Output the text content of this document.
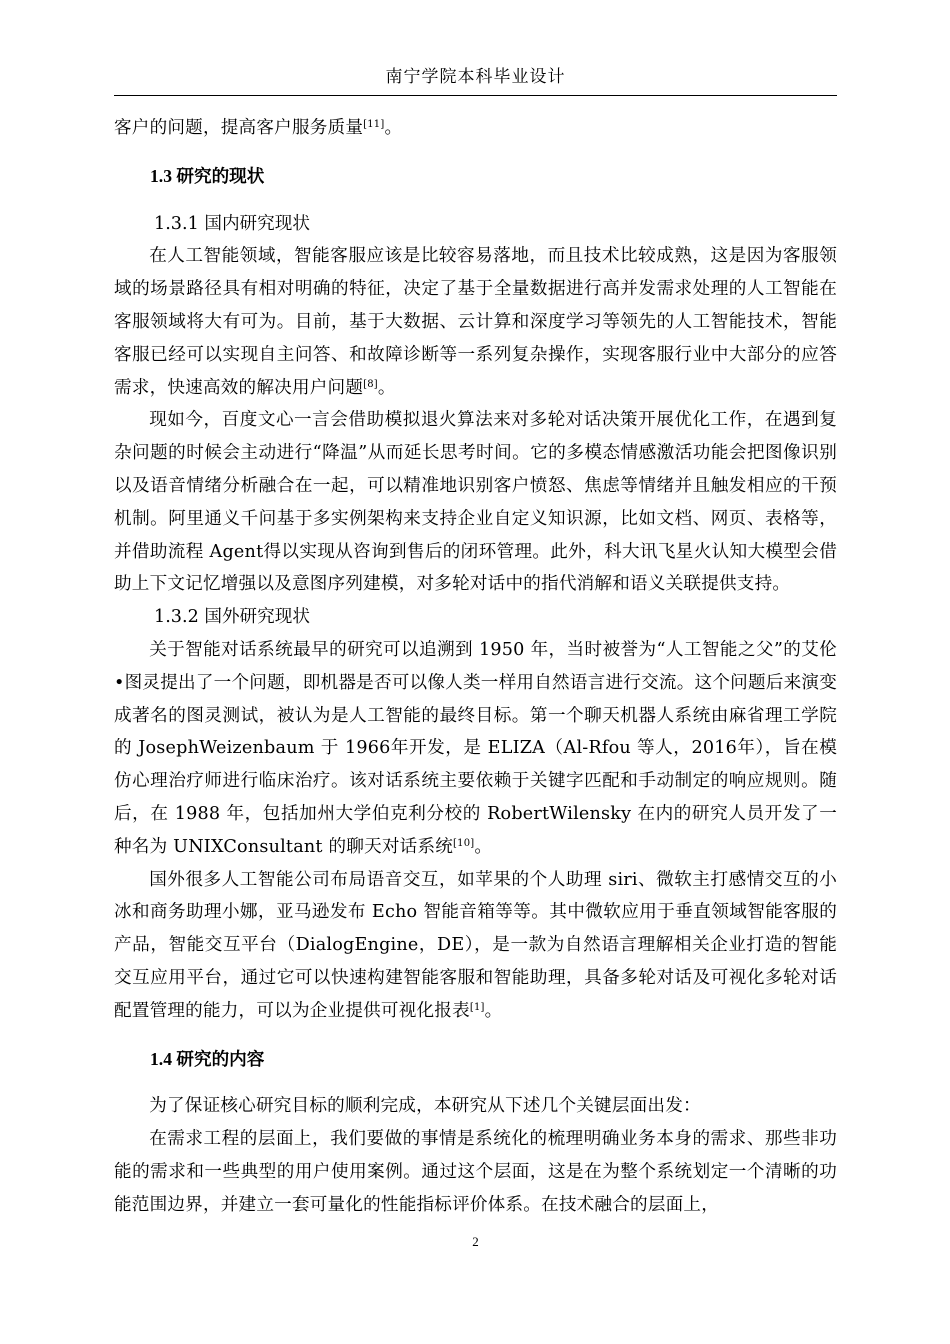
南宁学院本科毕业设计

客户的问题，提高客户服务质量[11]。

1.3 研究的现状
1.3.1 国内研究现状

在人工智能领域，智能客服应该是比较容易落地，而且技术比较成熟，这是因为客服领域的场景路径具有相对明确的特征，决定了基于全量数据进行高并发需求处理的人工智能在客服领域将大有可为。目前，基于大数据、云计算和深度学习等领先的人工智能技术，智能客服已经可以实现自主问答、和故障诊断等一系列复杂操作，实现客服行业中大部分的应答需求，快速高效的解决用户问题[8]。

现如今，百度文心一言会借助模拟退火算法来对多轮对话决策开展优化工作，在遇到复杂问题的时候会主动进行“降温”从而延长思考时间。它的多模态情感激活功能会把图像识别以及语音情绪分析融合在一起，可以精准地识别客户愤怒、焦虑等情绪并且触发相应的干预机制。阿里通义千问基于多实例架构来支持企业自定义知识源，比如文档、网页、表格等，并借助流程 Agent得以实现从咨询到售后的闭环管理。此外，科大讯飞星火认知大模型会借助上下文记忆增强以及意图序列建模，对多轮对话中的指代消解和语义关联提供支持。

1.3.2 国外研究现状

关于智能对话系统最早的研究可以追溯到 1950 年，当时被誉为“人工智能之父”的艾伦 •图灵提出了一个问题，即机器是否可以像人类一样用自然语言进行交流。这个问题后来演变成著名的图灵测试，被认为是人工智能的最终目标。第一个聊天机器人系统由麻省理工学院的 JosephWeizenbaum 于 1966年开发，是 ELIZA（Al-Rfou 等人，2016年），旨在模仿心理治疗师进行临床治疗。该对话系统主要依赖于关键字匹配和手动制定的响应规则。随后，在 1988 年，包括加州大学伯克利分校的 RobertWilensky 在内的研究人员开发了一种名为 UNIXConsultant 的聊天对话系统[10]。

国外很多人工智能公司布局语音交互，如苹果的个人助理 siri、微软主打感情交互的小冰和商务助理小娜，亚马逊发布 Echo 智能音箱等等。其中微软应用于垂直领域智能客服的产品，智能交互平台（DialogEngine，DE），是一款为自然语言理解相关企业打造的智能交互应用平台，通过它可以快速构建智能客服和智能助理，具备多轮对话及可视化多轮对话配置管理的能力，可以为企业提供可视化报表[1]。

1.4 研究的内容

为了保证核心研究目标的顺利完成，本研究从下述几个关键层面出发：

在需求工程的层面上，我们要做的事情是系统化的梳理明确业务本身的需求、那些非功能的需求和一些典型的用户使用案例。通过这个层面，这是在为整个系统划定一个清晰的功能范围边界，并建立一套可量化的性能指标评价体系。在技术融合的层面上，

2
